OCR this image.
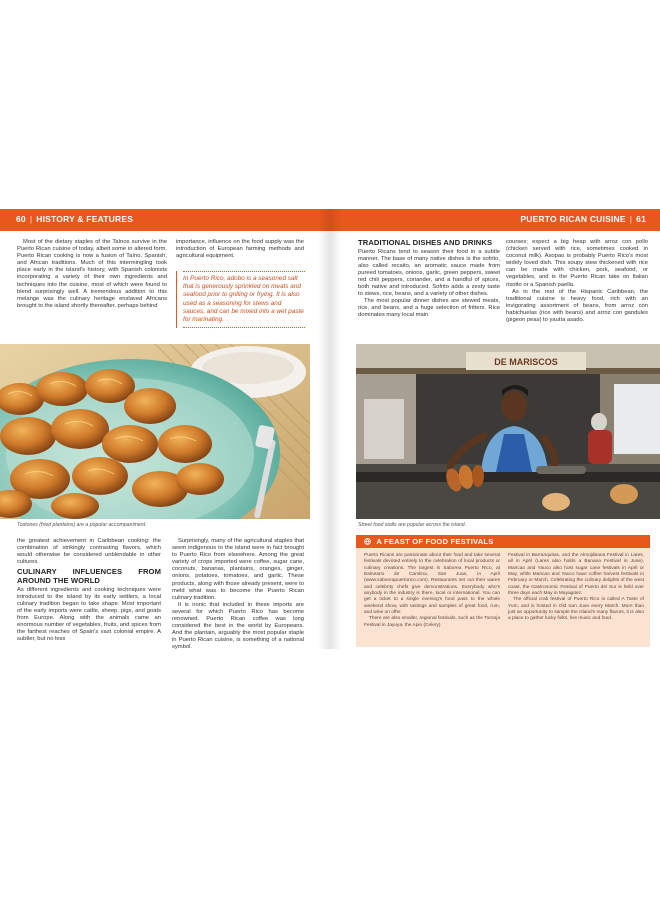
60 | HISTORY & FEATURES

Most of the dietary staples of the Taínos survive in the Puerto Rican cuisine of today, albeit some in altered form. Puerto Rican cooking is now a fusion of Taíno, Spanish, and African traditions. Much of this intermingling took place early in the island's history, with Spanish colonists incorporating a variety of their own ingredients and techniques into the cuisine, most of which were found to blend surprisingly well. A tremendous addition to this melange was the culinary heritage enslaved Africans brought to the island shortly thereafter, perhaps behind

importance, influence on the food supply was the introduction of European farming methods and agricultural equipment.

In Puerto Rico, adobo is a seasoned salt that is generously sprinkled on meats and seafood prior to grilling or frying. It is also used as a seasoning for stews and sauces, and can be mixed into a wet paste for marinating.
Tostones (fried plantains) are a popular accompaniment.

the greatest achievement in Caribbean cooking: the combination of strikingly contrasting flavors, which would otherwise be considered unblendable in other cultures.

CULINARY INFLUENCES FROM AROUND THE WORLD

As different ingredients and cooking techniques were introduced to the island by its early settlers, a local culinary tradition began to take shape. Most important of the early imports were cattle, sheep, pigs, and goats from Europe. Along with the animals came an enormous number of vegetables, fruits, and spices from the farthest reaches of Spain's vast colonial empire. A subtler, but no less

Surprisingly, many of the agricultural staples that seem indigenous to the island were in fact brought to Puerto Rico from elsewhere. Among the great variety of crops imported were coffee, sugar cane, coconuts, bananas, plantains, oranges, ginger, onions, potatoes, tomatoes, and garlic. These products, along with those already present, were to meld what was to become the Puerto Rican culinary tradition.

It is ironic that included in these imports are several for which Puerto Rico has become renowned. Puerto Rican coffee was long considered the best in the world by Europeans. And the plantain, arguably the most popular staple in Puerto Rican cuisine, is something of a national symbol.

PUERTO RICAN CUISINE | 61
TRADITIONAL DISHES AND DRINKS

Puerto Ricans tend to season their food in a subtle manner. The base of many native dishes is the sofrito, also called recaito, an aromatic sauce made from pureed tomatoes, onions, garlic, green peppers, sweet red chili peppers, coriander, and a handful of spices, both native and introduced. Sofrito adds a zesty taste to stews, rice, beans, and a variety of other dishes.

The most popular dinner dishes are stewed meats, rice, and beans, and a huge selection of fritters. Rice dominates many local main

courses; expect a big heap with arroz con pollo (chicken served with rice, sometimes cooked in coconut milk). Asopao is probably Puerto Rico's most widely loved dish. This soupy stew thickened with rice can be made with chicken, pork, seafood, or vegetables, and is the Puerto Rican take on Italian risotto or a Spanish paella.

As in the rest of the Hispanic Caribbean, the traditional cuisine is heavy food, rich with an invigorating assortment of beans, from arroz con habichuelas (rice with beans) and arroz con gandules (pigeon peas) to yautía asado.

DE MARISCOS
Street food stalls are popular across the island.
A FEAST OF FOOD FESTIVALS

Puerto Ricans are passionate about their food and take several festivals devoted entirely to the celebration of local products or culinary creations. The largest is Saborea Puerto Rico, at Balneario de Carolina, San Juan, in April (www.saboreapuertorico.com). Restaurants set out their wares and celebrity chefs give demonstrations. Everybody who's anybody in the industry is there, local or international. You can get a ticket to a single evening's food pass to the whole weekend show, with tastings and samples of great food, rum, and wine on offer.

There are also smaller, regional festivals, such as the Toronja Festival in Jayuya, the Apio (Celery)

Festival in Barranquitas, and the Almojábana Festival in Lares, all in April (Lares also holds a Banana Festival in June). Maricao and Yauco also host sugar cane festivals in April or May, while Maricao and Yauco have coffee harvest festivals in February or March. Celebrating the culinary delights of the west coast, the Gastronomic Festival of Puerto del Sur is held over three days each May in Mayagüez.

The official crab festival of Puerto Rico is called A Taste of Yum, and is hosted in Old San Juan every March. More than just an opportunity to sample the island's many flavors, it is also a place to gather lucky folks, live music and food.
